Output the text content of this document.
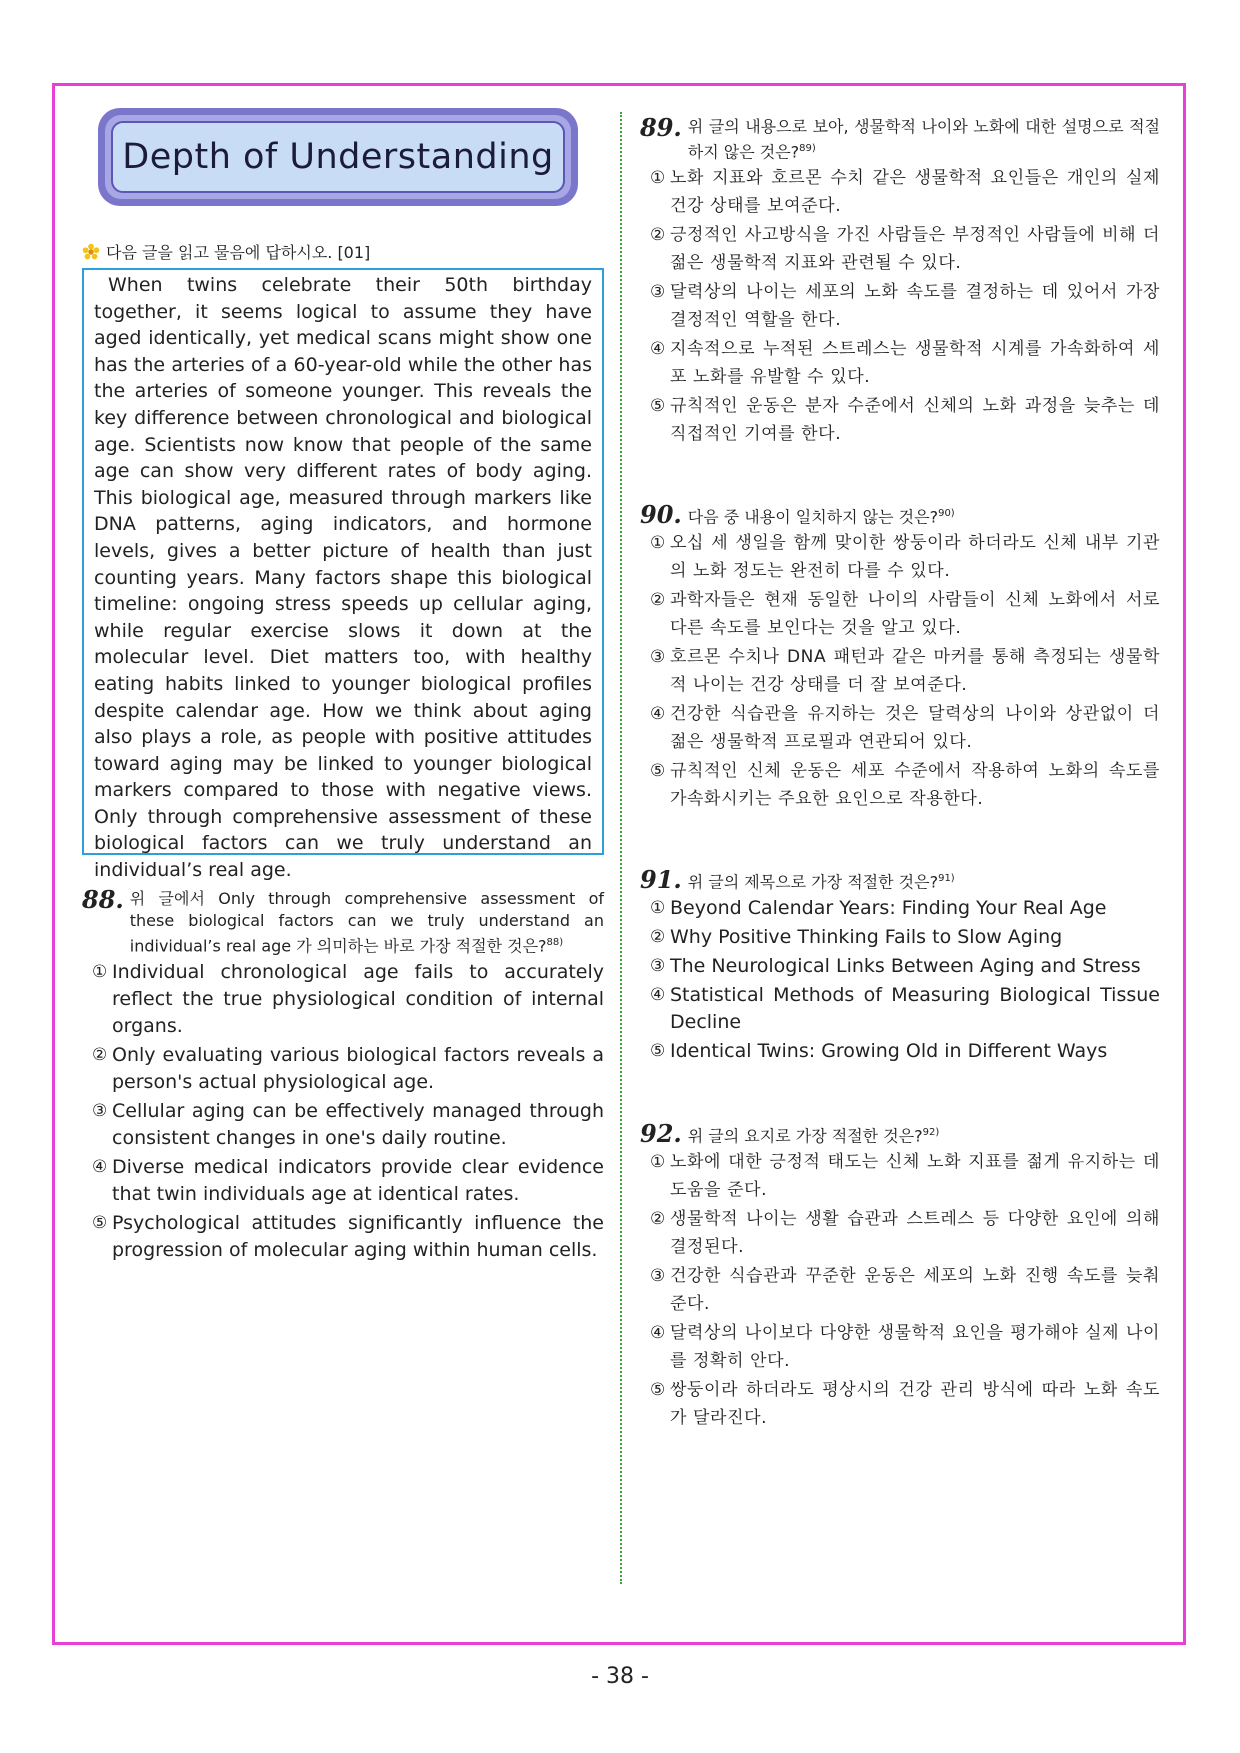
Depth of Understanding
다음 글을 읽고 물음에 답하시오. [01]

When twins celebrate their 50th birthday together, it seems logical to assume they have aged identically, yet medical scans might show one has the arteries of a 60-year-old while the other has the arteries of someone younger. This reveals the key difference between chronological and biological age. Scientists now know that people of the same age can show very different rates of body aging. This biological age, measured through markers like DNA patterns, aging indicators, and hormone levels, gives a better picture of health than just counting years. Many factors shape this biological timeline: ongoing stress speeds up cellular aging, while regular exercise slows it down at the molecular level. Diet matters too, with healthy eating habits linked to younger biological profiles despite calendar age. How we think about aging also plays a role, as people with positive attitudes toward aging may be linked to younger biological markers compared to those with negative views. Only through comprehensive assessment of these biological factors can we truly understand an individual’s real age.

88. 위 글에서 Only through comprehensive assessment of these biological factors can we truly understand an individual’s real age 가 의미하는 바로 가장 적절한 것은?$^{88)}$
① Individual chronological age fails to accurately reflect the true physiological condition of internal organs.
② Only evaluating various biological factors reveals a person's actual physiological age.
③ Cellular aging can be effectively managed through consistent changes in one's daily routine.
④ Diverse medical indicators provide clear evidence that twin individuals age at identical rates.
⑤ Psychological attitudes significantly influence the progression of molecular aging within human cells.
89. 위 글의 내용으로 보아, 생물학적 나이와 노화에 대한 설명으로 적절하지 않은 것은?$^{89)}$
① 노화 지표와 호르몬 수치 같은 생물학적 요인들은 개인의 실제 건강 상태를 보여준다.
② 긍정적인 사고방식을 가진 사람들은 부정적인 사람들에 비해 더 젊은 생물학적 지표와 관련될 수 있다.
③ 달력상의 나이는 세포의 노화 속도를 결정하는 데 있어서 가장 결정적인 역할을 한다.
④ 지속적으로 누적된 스트레스는 생물학적 시계를 가속화하여 세포 노화를 유발할 수 있다.
⑤ 규칙적인 운동은 분자 수준에서 신체의 노화 과정을 늦추는 데 직접적인 기여를 한다.
90. 다음 중 내용이 일치하지 않는 것은?$^{90)}$
① 오십 세 생일을 함께 맞이한 쌍둥이라 하더라도 신체 내부 기관의 노화 정도는 완전히 다를 수 있다.
② 과학자들은 현재 동일한 나이의 사람들이 신체 노화에서 서로 다른 속도를 보인다는 것을 알고 있다.
③ 호르몬 수치나 DNA 패턴과 같은 마커를 통해 측정되는 생물학적 나이는 건강 상태를 더 잘 보여준다.
④ 건강한 식습관을 유지하는 것은 달력상의 나이와 상관없이 더 젊은 생물학적 프로필과 연관되어 있다.
⑤ 규칙적인 신체 운동은 세포 수준에서 작용하여 노화의 속도를 가속화시키는 주요한 요인으로 작용한다.
91. 위 글의 제목으로 가장 적절한 것은?$^{91)}$
① Beyond Calendar Years: Finding Your Real Age
② Why Positive Thinking Fails to Slow Aging
③ The Neurological Links Between Aging and Stress
④ Statistical Methods of Measuring Biological Tissue Decline
⑤ Identical Twins: Growing Old in Different Ways
92. 위 글의 요지로 가장 적절한 것은?$^{92)}$
① 노화에 대한 긍정적 태도는 신체 노화 지표를 젊게 유지하는 데 도움을 준다.
② 생물학적 나이는 생활 습관과 스트레스 등 다양한 요인에 의해 결정된다.
③ 건강한 식습관과 꾸준한 운동은 세포의 노화 진행 속도를 늦춰 준다.
④ 달력상의 나이보다 다양한 생물학적 요인을 평가해야 실제 나이를 정확히 안다.
⑤ 쌍둥이라 하더라도 평상시의 건강 관리 방식에 따라 노화 속도가 달라진다.
- 38 -
